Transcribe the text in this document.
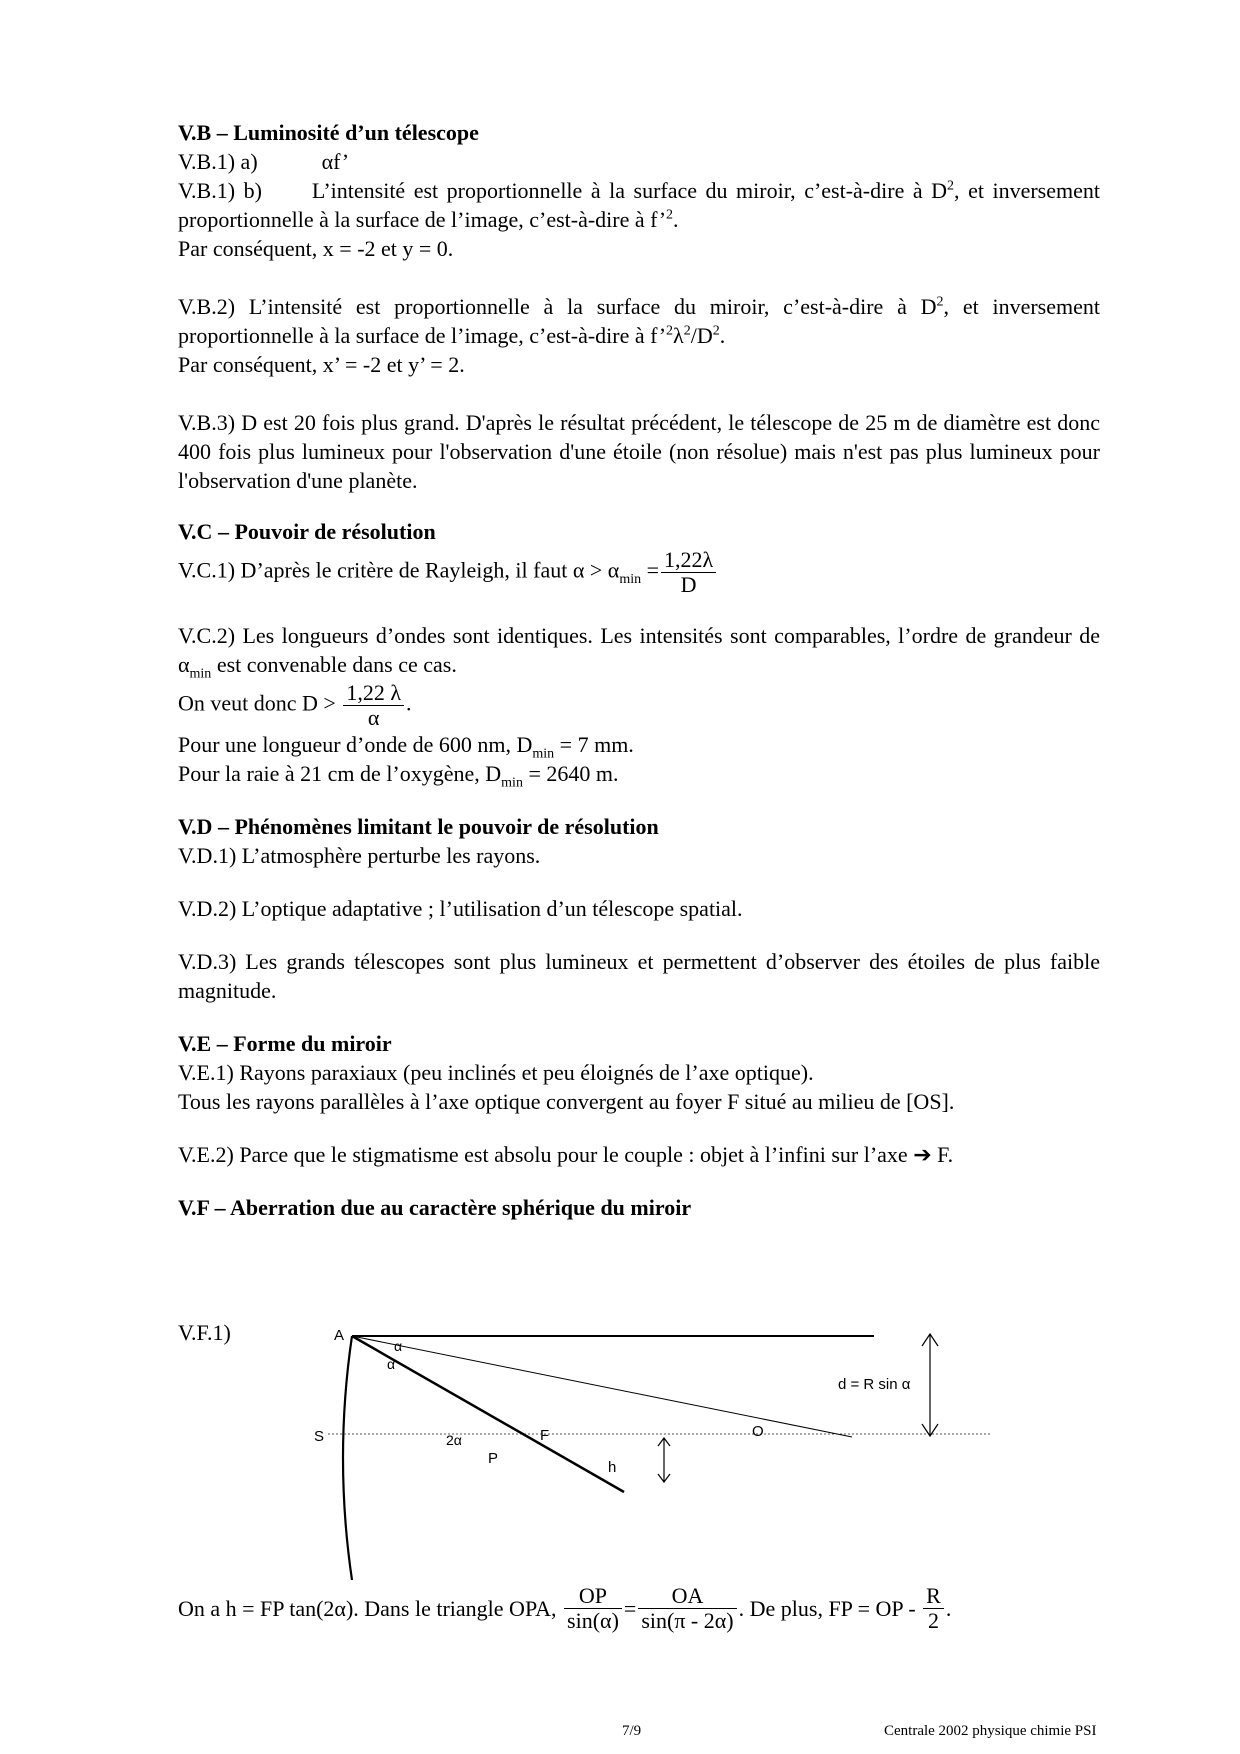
V.B – Luminosité d’un télescope

V.B.1) a)	αf’

V.B.1) b) L’intensité est proportionnelle à la surface du miroir, c’est-à-dire à $D^2$, et inversement proportionnelle à la surface de l’image, c’est-à-dire à f’$^2$.

Par conséquent, x = -2 et y = 0.

V.B.2) L’intensité est proportionnelle à la surface du miroir, c’est-à-dire à $D^2$, et inversement proportionnelle à la surface de l’image, c’est-à-dire à $f’^2\lambda^2/D^2$.

Par conséquent, x’ = -2 et y’ = 2.

V.B.3) D est 20 fois plus grand. D'après le résultat précédent, le télescope de 25 m de diamètre est donc 400 fois plus lumineux pour l'observation d'une étoile (non résolue) mais n'est pas plus lumineux pour l'observation d'une planète.

V.C – Pouvoir de résolution

V.C.1) D’après le critère de Rayleigh, il faut $\alpha > \alpha_{min} = \frac{1,22\lambda}{D}$

V.C.2) Les longueurs d’ondes sont identiques. Les intensités sont comparables, l’ordre de grandeur de $\alpha_{min}$ est convenable dans ce cas.

On veut donc $D > \frac{1,22 \lambda}{\alpha}$ .

Pour une longueur d’onde de 600 nm, $D_{min} = 7$ mm.

Pour la raie à 21 cm de l’oxygène, $D_{min} = 2640$ m.

V.D – Phénomènes limitant le pouvoir de résolution

V.D.1) L’atmosphère perturbe les rayons.

V.D.2) L’optique adaptative ; l’utilisation d’un télescope spatial.

V.D.3) Les grands télescopes sont plus lumineux et permettent d’observer des étoiles de plus faible magnitude.

V.E – Forme du miroir

V.E.1) Rayons paraxiaux (peu inclinés et peu éloignés de l’axe optique).

Tous les rayons parallèles à l’axe optique convergent au foyer F situé au milieu de [OS].

V.E.2) Parce que le stigmatisme est absolu pour le couple : objet à l’infini sur l’axe ➔ F.

V.F – Aberration due au caractère sphérique du miroir

V.F.1)	A
S
α
α
2α	F
P
O
h
d = R sin α
On a h = FP tan(2α). Dans le triangle OPA, $\frac{OP}{\sin(\alpha)} = \frac{OA}{\sin(\pi - 2\alpha)}$ . De plus, FP = OP - $\frac{R}{2}$ .
7/9	Centrale 2002 physique chimie PSI
